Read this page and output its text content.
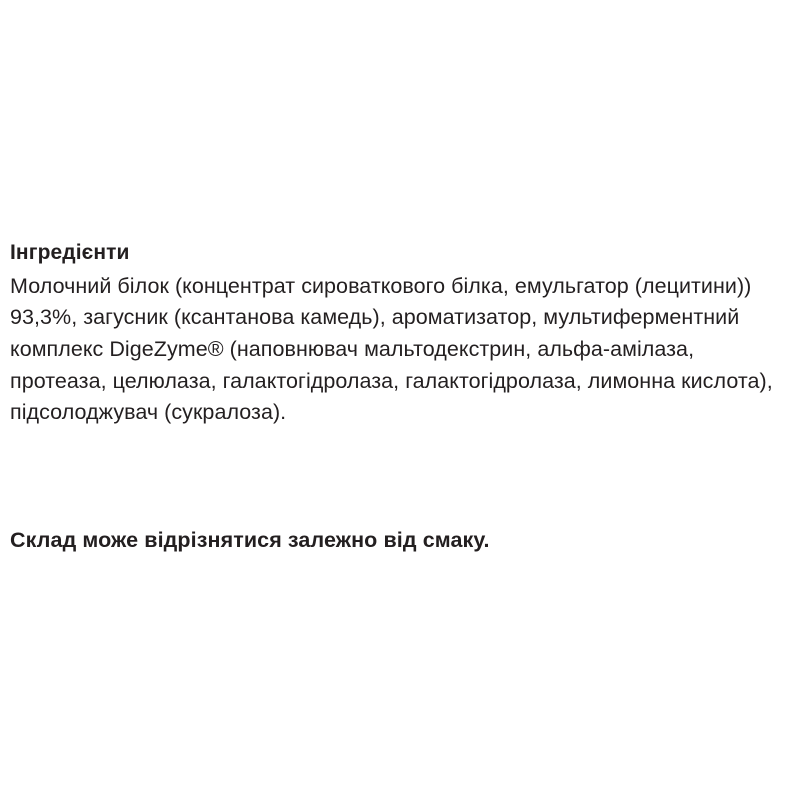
Інгредієнти

Молочний білок (концентрат сироваткового білка, емульгатор (лецитини)) 93,3%, загусник (ксантанова камедь), ароматизатор, мультиферментний комплекс DigeZyme® (наповнювач мальтодекстрин, альфа-амілаза, протеаза, целюлаза, галактогідролаза, галактогідролаза, лимонна кислота), підсолоджувач (сукралоза).

Склад може відрізнятися залежно від смаку.
